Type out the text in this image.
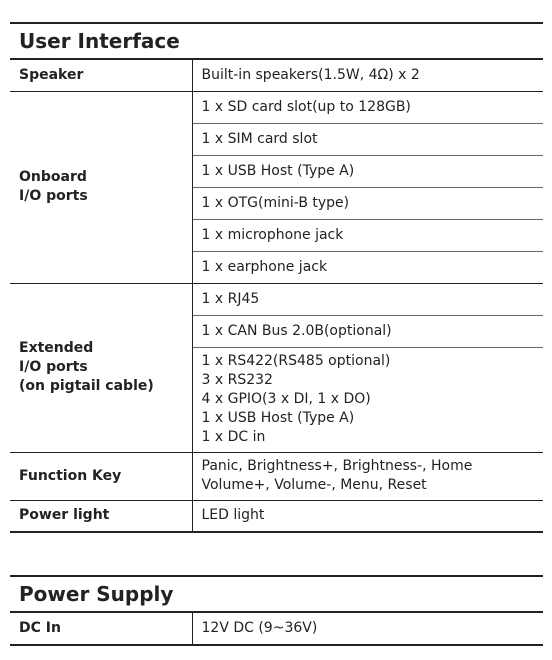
User Interface	
Speaker	Built-in speakers(1.5W, 4Ω) x 2
Onboard
I/O ports	1 x SD card slot(up to 128GB)
	1 x SIM card slot
	1 x USB Host (Type A)
	1 x OTG(mini-B type)
	1 x microphone jack
	1 x earphone jack
Extended
I/O ports
(on pigtail cable)	1 x RJ45
	1 x CAN Bus 2.0B(optional)

	1 x RS422(RS485 optional)
3 x RS232
4 x GPIO(3 x DI, 1 x DO)
1 x USB Host (Type A)
1 x DC in

Function Key	Panic, Brightness+, Brightness-, Home
Volume+, Volume-, Menu, Reset

Power light	LED light
Power Supply
DC In	12V DC (9~36V)
